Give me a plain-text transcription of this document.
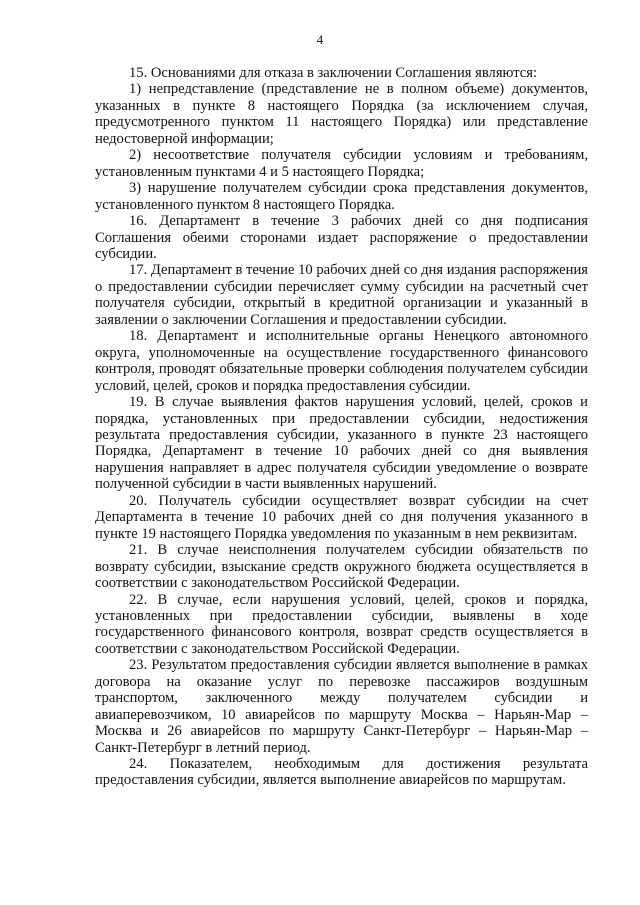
4

15. Основаниями для отказа в заключении Соглашения являются:

1) непредставление (представление не в полном объеме) документов, указанных в пункте 8 настоящего Порядка (за исключением случая, предусмотренного пунктом 11 настоящего Порядка) или представление недостоверной информации;

2) несоответствие получателя субсидии условиям и требованиям, установленным пунктами 4 и 5 настоящего Порядка;

3) нарушение получателем субсидии срока представления документов, установленного пунктом 8 настоящего Порядка.

16. Департамент в течение 3 рабочих дней со дня подписания Соглашения обеими сторонами издает распоряжение о предоставлении субсидии.

17. Департамент в течение 10 рабочих дней со дня издания распоряжения о предоставлении субсидии перечисляет сумму субсидии на расчетный счет получателя субсидии, открытый в кредитной организации и указанный в заявлении о заключении Соглашения и предоставлении субсидии.

18. Департамент и исполнительные органы Ненецкого автономного округа, уполномоченные на осуществление государственного финансового контроля, проводят обязательные проверки соблюдения получателем субсидии условий, целей, сроков и порядка предоставления субсидии.

19. В случае выявления фактов нарушения условий, целей, сроков и порядка, установленных при предоставлении субсидии, недостижения результата предоставления субсидии, указанного в пункте 23 настоящего Порядка, Департамент в течение 10 рабочих дней со дня выявления нарушения направляет в адрес получателя субсидии уведомление о возврате полученной субсидии в части выявленных нарушений.

20. Получатель субсидии осуществляет возврат субсидии на счет Департамента в течение 10 рабочих дней со дня получения указанного в пункте 19 настоящего Порядка уведомления по указанным в нем реквизитам.

21. В случае неисполнения получателем субсидии обязательств по возврату субсидии, взыскание средств окружного бюджета осуществляется в соответствии с законодательством Российской Федерации.

22. В случае, если нарушения условий, целей, сроков и порядка, установленных при предоставлении субсидии, выявлены в ходе государственного финансового контроля, возврат средств осуществляется в соответствии с законодательством Российской Федерации.

23. Результатом предоставления субсидии является выполнение в рамках договора на оказание услуг по перевозке пассажиров воздушным транспортом, заключенного между получателем субсидии и авиаперевозчиком, 10 авиарейсов по маршруту Москва – Нарьян-Мар – Москва и 26 авиарейсов по маршруту Санкт-Петербург – Нарьян-Мар – Санкт-Петербург в летний период.

24. Показателем, необходимым для достижения результата предоставления субсидии, является выполнение авиарейсов по маршрутам.
